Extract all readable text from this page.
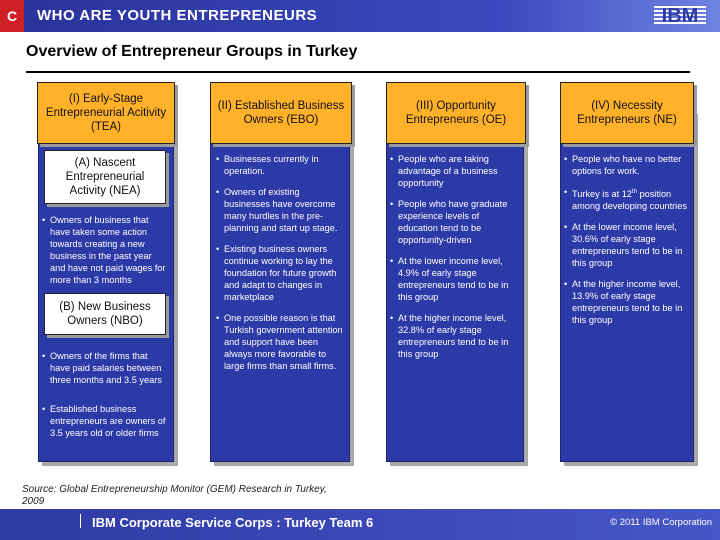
C	WHO ARE YOUTH ENTREPRENEURS	IBM
Overview of Entrepreneur Groups in Turkey
(I) Early-Stage Entrepreneurial Acitivity (TEA)
(A) Nascent Entrepreneurial Activity (NEA)
• Owners of business that have taken some action towards creating a new business in the past year and have not paid wages for more than 3 months
(B) New Business Owners (NBO)
• Owners of the firms that have paid salaries between three months and 3.5 years
• Established business entrepreneurs are owners of 3.5 years old or older firms
(II) Established Business Owners (EBO)
• Businesses currently in operation.
• Owners of existing businesses have overcome many hurdles in the pre-planning and start up stage.
• Existing business owners continue working to lay the foundation for future growth and adapt to changes in marketplace
• One possible reason is that Turkish government attention and support have been always more favorable to large firms than small firms.
(III) Opportunity Entrepreneurs (OE)
• People who are taking advantage of a business opportunity
• People who have graduate experience levels of education tend to be opportunity-driven
• At the lower income level, 4.9% of early stage entrepreneurs tend to be in this group
• At the higher income level, 32.8% of early stage entrepreneurs tend to be in this group
(IV) Necessity Entrepreneurs (NE)
• People who have no better options for work.
• Turkey is at 12th position among developing countries
• At the lower income level, 30.6% of early stage entrepreneurs tend to be in this group
• At the higher income level, 13.9% of early stage entrepreneurs tend to be in this group
Source: Global Entrepreneurship Monitor (GEM) Research in Turkey, 2009
IBM Corporate Service Corps : Turkey Team 6	© 2011 IBM Corporation
